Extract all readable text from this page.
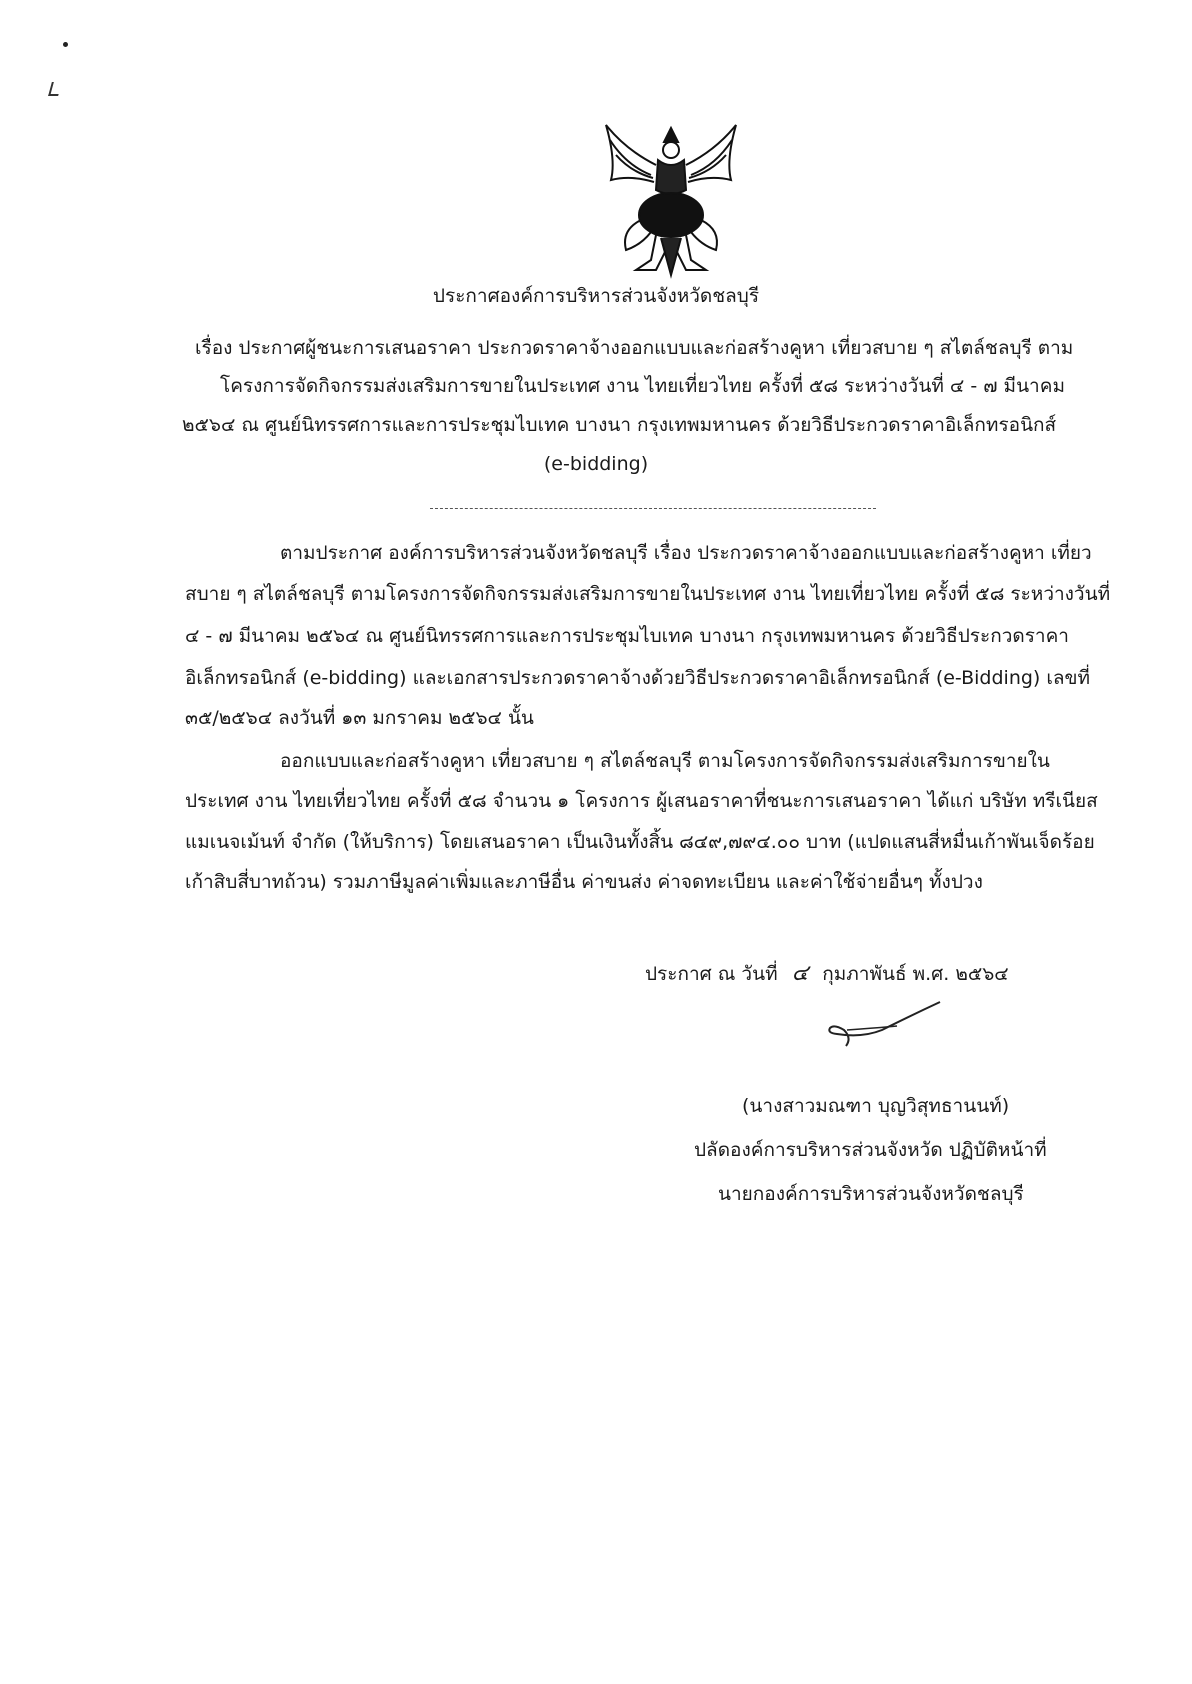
ประกาศองค์การบริหารส่วนจังหวัดชลบุรี
เรื่อง ประกาศผู้ชนะการเสนอราคา ประกวดราคาจ้างออกแบบและก่อสร้างคูหา เที่ยวสบาย ๆ สไตล์ชลบุรี ตาม
โครงการจัดกิจกรรมส่งเสริมการขายในประเทศ งาน ไทยเที่ยวไทย ครั้งที่ ๕๘ ระหว่างวันที่ ๔ - ๗ มีนาคม
๒๕๖๔ ณ ศูนย์นิทรรศการและการประชุมไบเทค บางนา กรุงเทพมหานคร ด้วยวิธีประกวดราคาอิเล็กทรอนิกส์
(e-bidding)
ตามประกาศ องค์การบริหารส่วนจังหวัดชลบุรี เรื่อง ประกวดราคาจ้างออกแบบและก่อสร้างคูหา เที่ยว
สบาย ๆ สไตล์ชลบุรี ตามโครงการจัดกิจกรรมส่งเสริมการขายในประเทศ งาน ไทยเที่ยวไทย ครั้งที่ ๕๘ ระหว่างวันที่
๔ - ๗ มีนาคม ๒๕๖๔ ณ ศูนย์นิทรรศการและการประชุมไบเทค บางนา กรุงเทพมหานคร ด้วยวิธีประกวดราคา
อิเล็กทรอนิกส์ (e-bidding) และเอกสารประกวดราคาจ้างด้วยวิธีประกวดราคาอิเล็กทรอนิกส์ (e-Bidding) เลขที่
๓๕/๒๕๖๔ ลงวันที่ ๑๓ มกราคม ๒๕๖๔ นั้น
ออกแบบและก่อสร้างคูหา เที่ยวสบาย ๆ สไตล์ชลบุรี ตามโครงการจัดกิจกรรมส่งเสริมการขายใน
ประเทศ งาน ไทยเที่ยวไทย ครั้งที่ ๕๘ จำนวน ๑ โครงการ ผู้เสนอราคาที่ชนะการเสนอราคา ได้แก่ บริษัท ทรีเนียส
แมเนจเม้นท์ จำกัด (ให้บริการ) โดยเสนอราคา เป็นเงินทั้งสิ้น ๘๔๙,๗๙๔.๐๐ บาท (แปดแสนสี่หมื่นเก้าพันเจ็ดร้อย
เก้าสิบสี่บาทถ้วน) รวมภาษีมูลค่าเพิ่มและภาษีอื่น ค่าขนส่ง ค่าจดทะเบียน และค่าใช้จ่ายอื่นๆ ทั้งปวง
ประกาศ ณ วันที่ ๔ กุมภาพันธ์ พ.ศ. ๒๕๖๔
(นางสาวมณฑา บุญวิสุทธานนท์)
ปลัดองค์การบริหารส่วนจังหวัด ปฏิบัติหน้าที่
นายกองค์การบริหารส่วนจังหวัดชลบุรี
